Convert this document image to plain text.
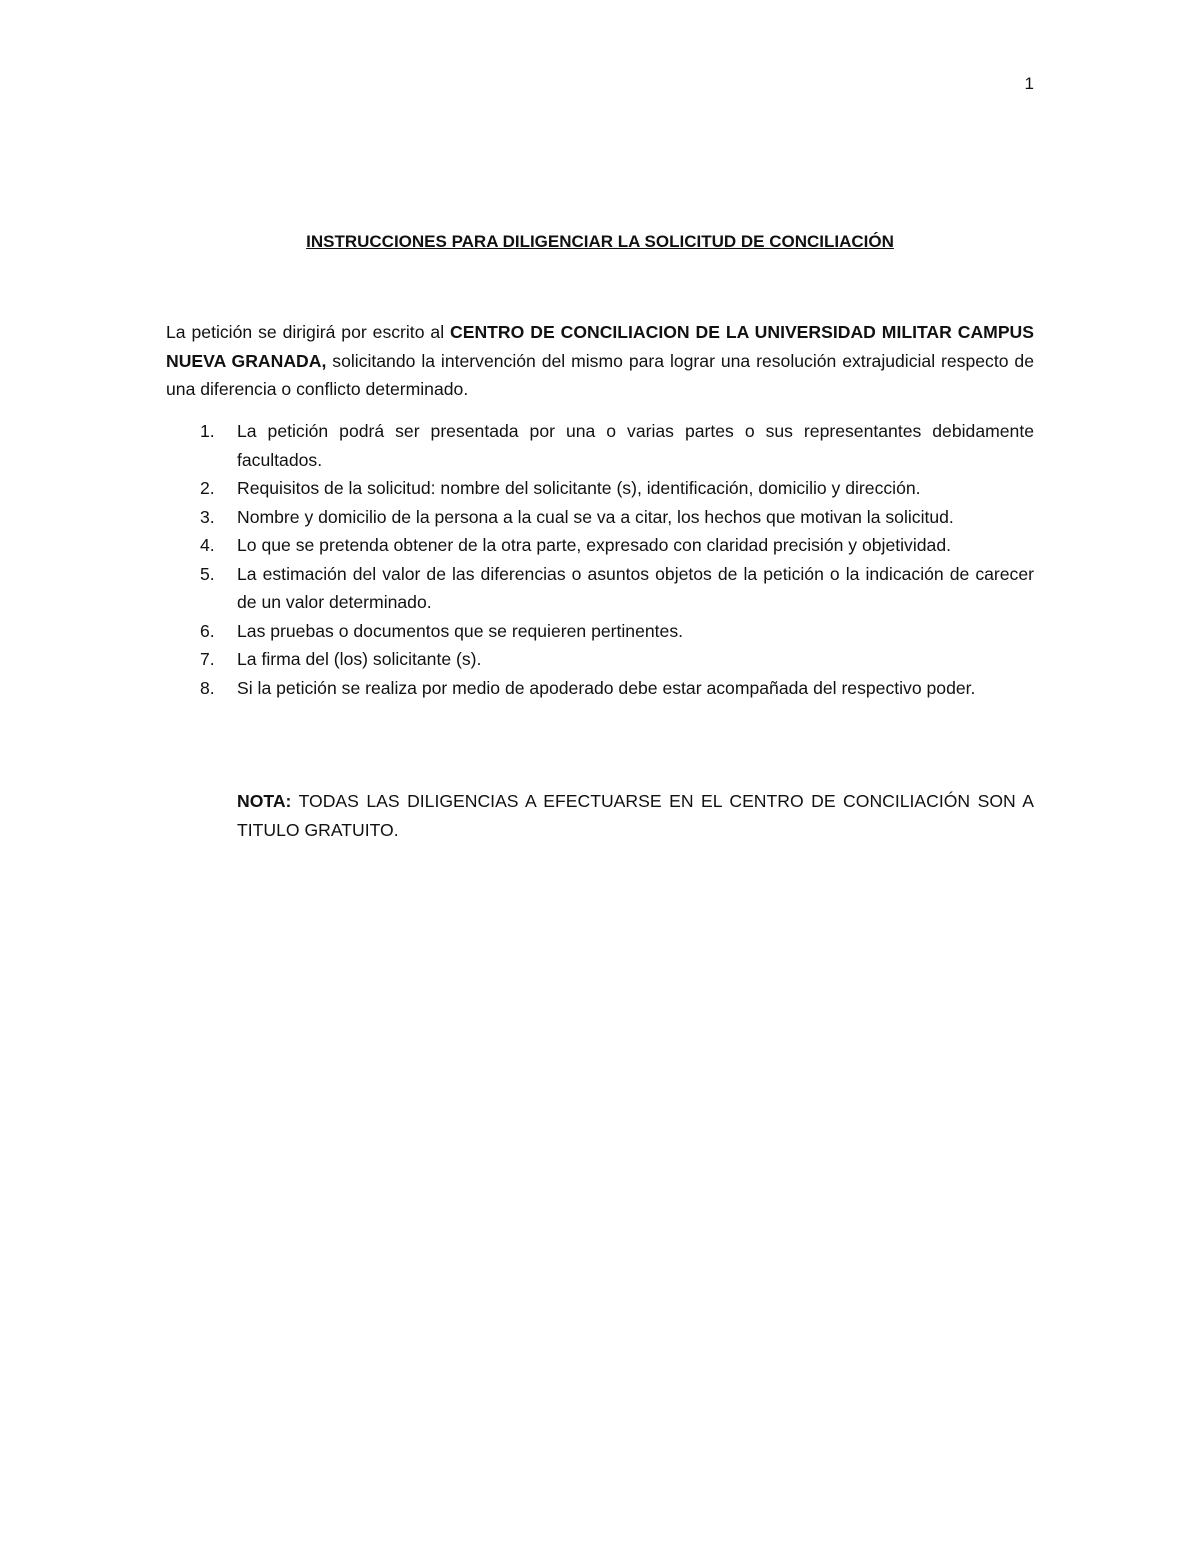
1
INSTRUCCIONES PARA DILIGENCIAR LA SOLICITUD DE CONCILIACIÓN

La petición se dirigirá por escrito al CENTRO DE CONCILIACION DE LA UNIVERSIDAD MILITAR CAMPUS NUEVA GRANADA, solicitando la intervención del mismo para lograr una resolución extrajudicial respecto de una diferencia o conflicto determinado.

1.	La petición podrá ser presentada por una o varias partes o sus representantes debidamente facultados.
2.	Requisitos de la solicitud: nombre del solicitante (s), identificación, domicilio y dirección.
3.	Nombre y domicilio de la persona a la cual se va a citar, los hechos que motivan la solicitud.
4.	Lo que se pretenda obtener de la otra parte, expresado con claridad precisión y objetividad.
5.	La estimación del valor de las diferencias o asuntos objetos de la petición o la indicación de carecer de un valor determinado.
6.	Las pruebas o documentos que se requieren pertinentes.
7.	La firma del (los) solicitante (s).
8.	Si la petición se realiza por medio de apoderado debe estar acompañada del respectivo poder.

NOTA: TODAS LAS DILIGENCIAS A EFECTUARSE EN EL CENTRO DE CONCILIACIÓN SON A TITULO GRATUITO.
